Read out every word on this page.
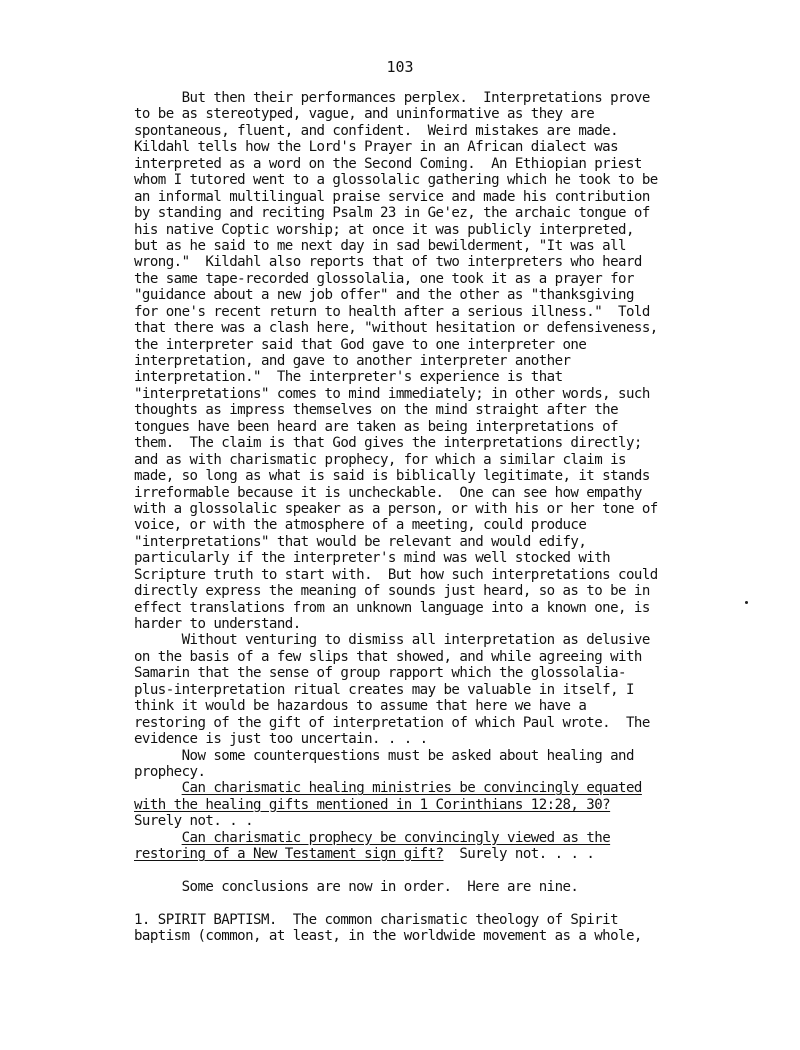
103
But then their performances perplex.  Interpretations prove
to be as stereotyped, vague, and uninformative as they are
spontaneous, fluent, and confident.  Weird mistakes are made.
Kildahl tells how the Lord's Prayer in an African dialect was
interpreted as a word on the Second Coming.  An Ethiopian priest
whom I tutored went to a glossolalic gathering which he took to be
an informal multilingual praise service and made his contribution
by standing and reciting Psalm 23 in Ge'ez, the archaic tongue of
his native Coptic worship; at once it was publicly interpreted,
but as he said to me next day in sad bewilderment, "It was all
wrong."  Kildahl also reports that of two interpreters who heard
the same tape-recorded glossolalia, one took it as a prayer for
"guidance about a new job offer" and the other as "thanksgiving
for one's recent return to health after a serious illness."  Told
that there was a clash here, "without hesitation or defensiveness,
the interpreter said that God gave to one interpreter one
interpretation, and gave to another interpreter another
interpretation."  The interpreter's experience is that
"interpretations" comes to mind immediately; in other words, such
thoughts as impress themselves on the mind straight after the
tongues have been heard are taken as being interpretations of
them.  The claim is that God gives the interpretations directly;
and as with charismatic prophecy, for which a similar claim is
made, so long as what is said is biblically legitimate, it stands
irreformable because it is uncheckable.  One can see how empathy
with a glossolalic speaker as a person, or with his or her tone of
voice, or with the atmosphere of a meeting, could produce
"interpretations" that would be relevant and would edify,
particularly if the interpreter's mind was well stocked with
Scripture truth to start with.  But how such interpretations could
directly express the meaning of sounds just heard, so as to be in
effect translations from an unknown language into a known one, is
harder to understand.
Without venturing to dismiss all interpretation as delusive
on the basis of a few slips that showed, and while agreeing with
Samarin that the sense of group rapport which the glossolalia-
plus-interpretation ritual creates may be valuable in itself, I
think it would be hazardous to assume that here we have a
restoring of the gift of interpretation of which Paul wrote.  The
evidence is just too uncertain. . . .
Now some counterquestions must be asked about healing and
prophecy.
Can charismatic healing ministries be convincingly equated
with the healing gifts mentioned in 1 Corinthians 12:28, 30?
Surely not. . .
Can charismatic prophecy be convincingly viewed as the
restoring of a New Testament sign gift?  Surely not. . . .
Some conclusions are now in order.  Here are nine.
1. SPIRIT BAPTISM.  The common charismatic theology of Spirit
baptism (common, at least, in the worldwide movement as a whole,
